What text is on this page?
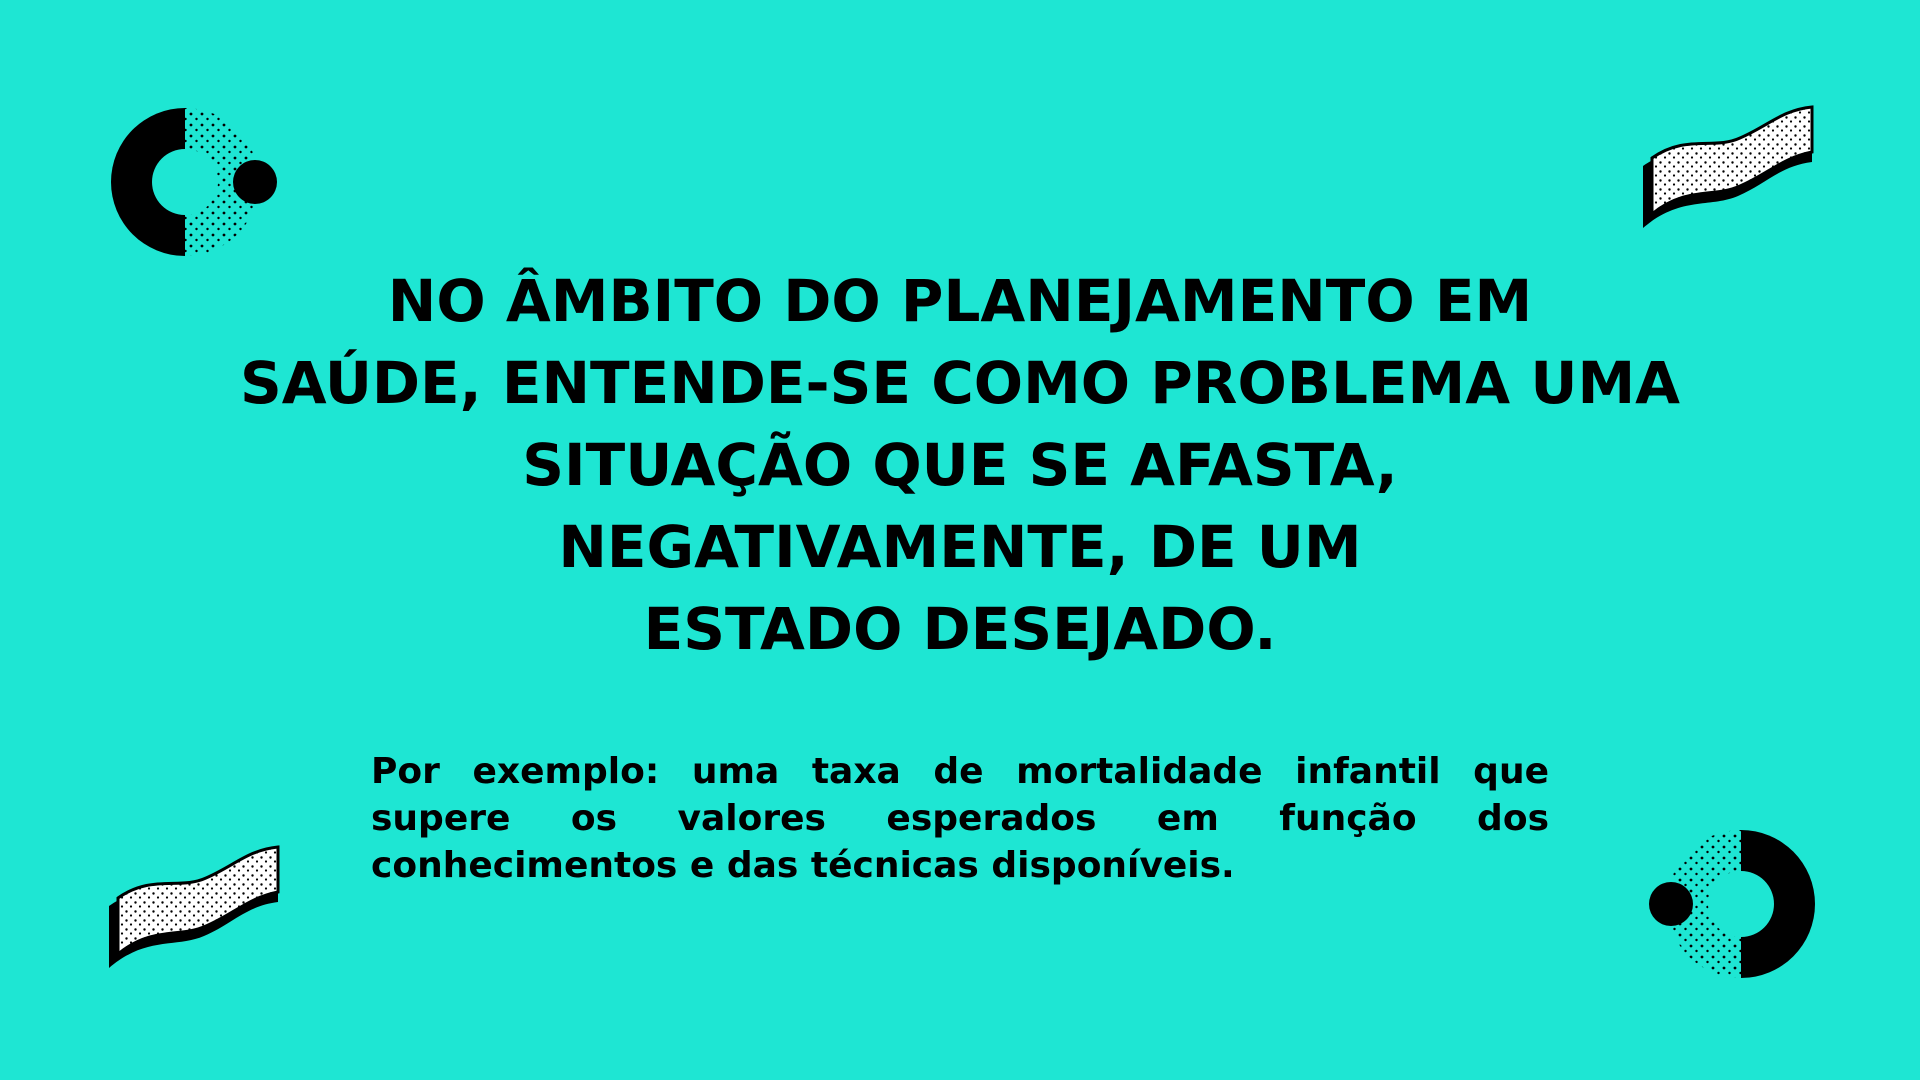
NO ÂMBITO DO PLANEJAMENTO EM
SAÚDE, ENTENDE-SE COMO PROBLEMA UMA
SITUAÇÃO QUE SE AFASTA,
NEGATIVAMENTE, DE UM
ESTADO DESEJADO.

Por exemplo: uma taxa de mortalidade infantil que supere os valores esperados em função dos conhecimentos e das técnicas disponíveis.
